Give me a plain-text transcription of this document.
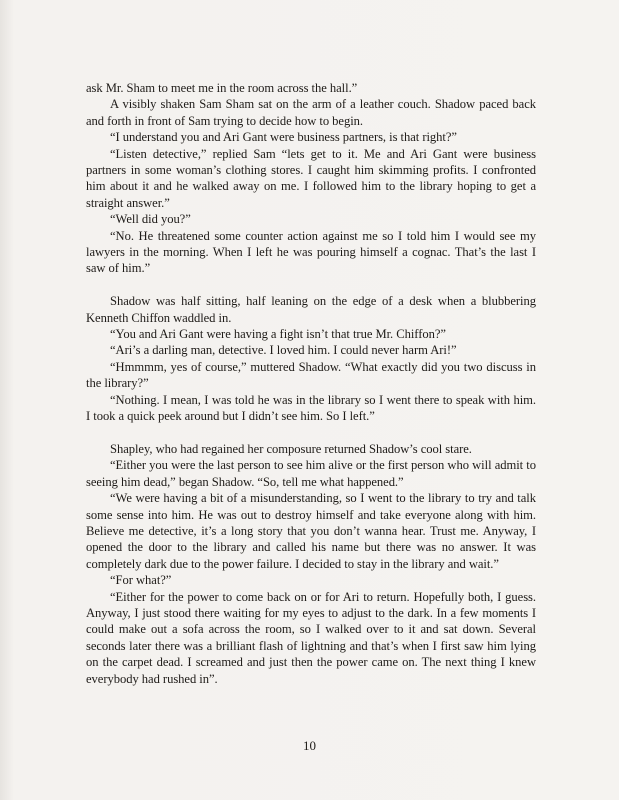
ask Mr. Sham to meet me in the room across the hall.”

A visibly shaken Sam Sham sat on the arm of a leather couch. Shadow paced back and forth in front of Sam trying to decide how to begin.

“I understand you and Ari Gant were business partners, is that right?”

“Listen detective,” replied Sam “lets get to it. Me and Ari Gant were business partners in some woman’s clothing stores. I caught him skimming profits. I confronted him about it and he walked away on me. I followed him to the library hoping to get a straight answer.”

“Well did you?”

“No. He threatened some counter action against me so I told him I would see my lawyers in the morning. When I left he was pouring himself a cognac. That’s the last I saw of him.”

Shadow was half sitting, half leaning on the edge of a desk when a blubbering Kenneth Chiffon waddled in.

“You and Ari Gant were having a fight isn’t that true Mr. Chiffon?”

“Ari’s a darling man, detective. I loved him. I could never harm Ari!”

“Hmmmm, yes of course,” muttered Shadow. “What exactly did you two discuss in the library?”

“Nothing. I mean, I was told he was in the library so I went there to speak with him. I took a quick peek around but I didn’t see him. So I left.”

Shapley, who had regained her composure returned Shadow’s cool stare.

“Either you were the last person to see him alive or the first person who will admit to seeing him dead,” began Shadow. “So, tell me what happened.”

“We were having a bit of a misunderstanding, so I went to the library to try and talk some sense into him. He was out to destroy himself and take everyone along with him. Believe me detective, it’s a long story that you don’t wanna hear. Trust me. Anyway, I opened the door to the library and called his name but there was no answer. It was completely dark due to the power failure. I decided to stay in the library and wait.”

“For what?”

“Either for the power to come back on or for Ari to return. Hopefully both, I guess. Anyway, I just stood there waiting for my eyes to adjust to the dark. In a few moments I could make out a sofa across the room, so I walked over to it and sat down. Several seconds later there was a brilliant flash of lightning and that’s when I first saw him lying on the carpet dead. I screamed and just then the power came on. The next thing I knew everybody had rushed in”.

10
